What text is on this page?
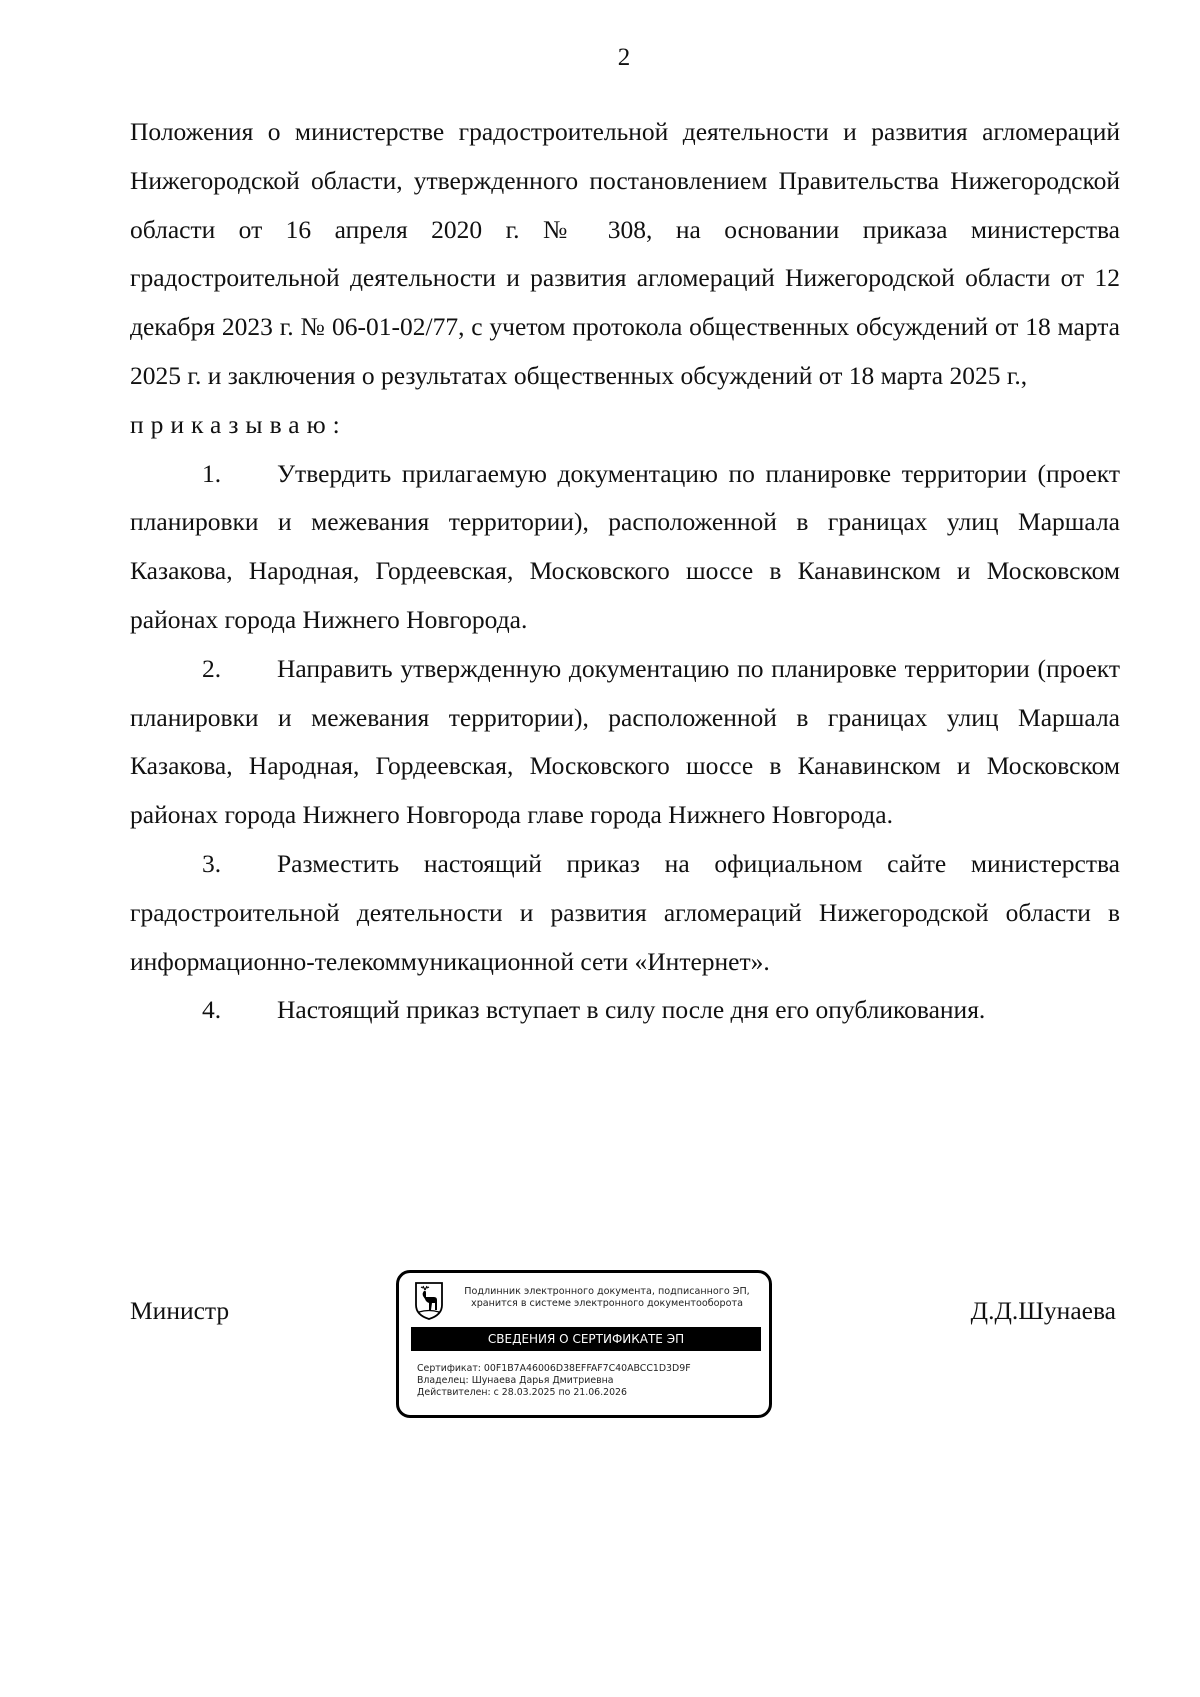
2

Положения о министерстве градостроительной деятельности и развития агломераций Нижегородской области, утвержденного постановлением Правительства Нижегородской области от 16 апреля 2020 г. № 308, на основании приказа министерства градостроительной деятельности и развития агломераций Нижегородской области от 12 декабря 2023 г. № 06-01-02/77, с учетом протокола общественных обсуждений от 18 марта 2025 г. и заключения о результатах общественных обсуждений от 18 марта 2025 г.,

приказываю:

1. Утвердить прилагаемую документацию по планировке территории (проект планировки и межевания территории), расположенной в границах улиц Маршала Казакова, Народная, Гордеевская, Московского шоссе в Канавинском и Московском районах города Нижнего Новгорода.

2. Направить утвержденную документацию по планировке территории (проект планировки и межевания территории), расположенной в границах улиц Маршала Казакова, Народная, Гордеевская, Московского шоссе в Канавинском и Московском районах города Нижнего Новгорода главе города Нижнего Новгорода.

3. Разместить настоящий приказ на официальном сайте министерства градостроительной деятельности и развития агломераций Нижегородской области в информационно-телекоммуникационной сети «Интернет».

4. Настоящий приказ вступает в силу после дня его опубликования.

Министр
Подлинник электронного документа, подписанного ЭП,
хранится в системе электронного документооборота
СВЕДЕНИЯ О СЕРТИФИКАТЕ ЭП
Сертификат: 00F1B7A46006D38EFFAF7C40ABCC1D3D9F
Владелец: Шунаева Дарья Дмитриевна
Действителен: с 28.03.2025 по 21.06.2026
Д.Д.Шунаева
